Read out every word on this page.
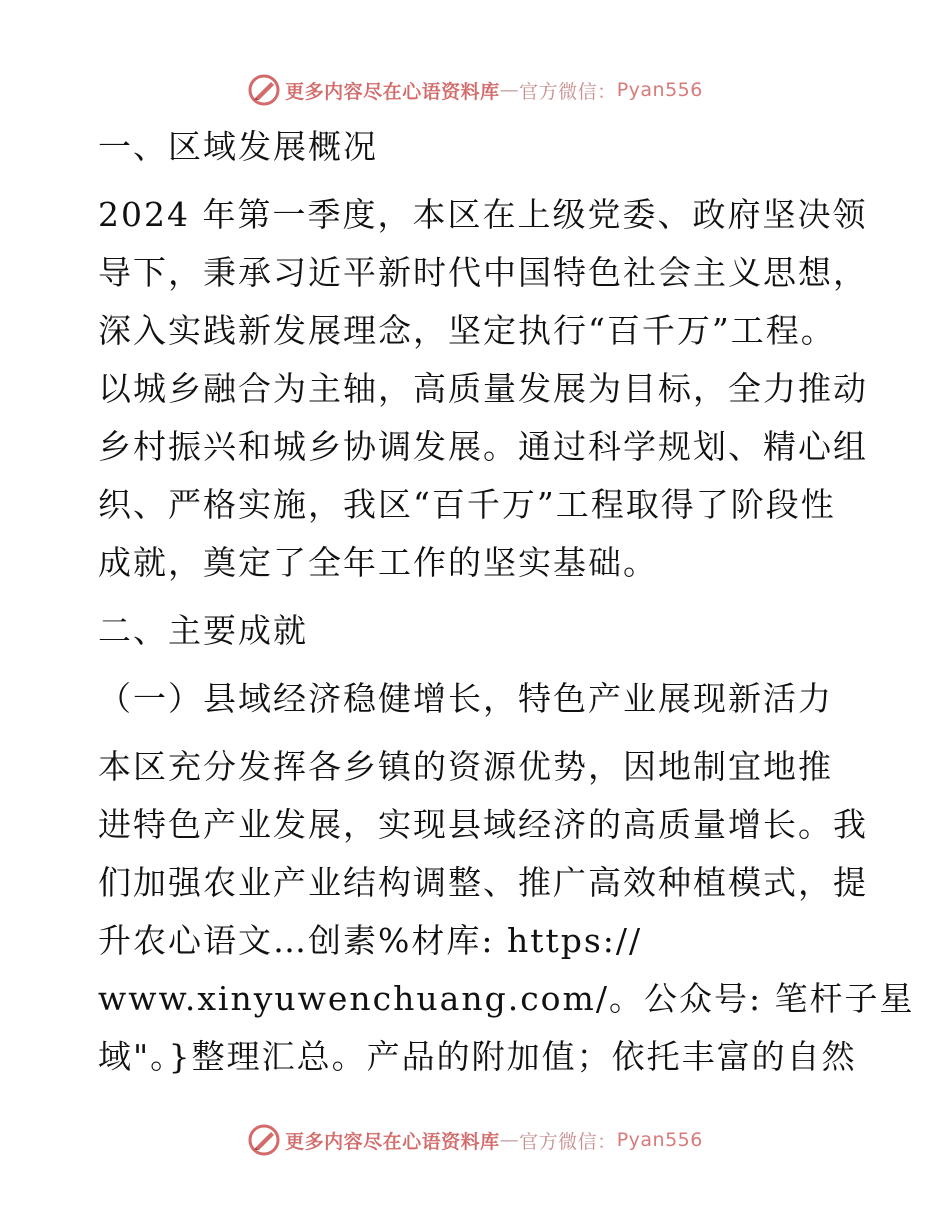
更多内容尽在心语资料库 — 官方微信： Pyan556
一、区域发展概况
2024 年第一季度，本区在上级党委、政府坚决领
导下，秉承习近平新时代中国特色社会主义思想，
深入实践新发展理念，坚定执行“百千万”工程。
以城乡融合为主轴，高质量发展为目标，全力推动
乡村振兴和城乡协调发展。通过科学规划、精心组
织、严格实施，我区“百千万”工程取得了阶段性
成就，奠定了全年工作的坚实基础。
二、主要成就
（一）县域经济稳健增长，特色产业展现新活力
本区充分发挥各乡镇的资源优势，因地制宜地推
进特色产业发展，实现县域经济的高质量增长。我
们加强农业产业结构调整、推广高效种植模式，提
升农心语文…创素%材库: https://
www.xinyuwenchuang.com/。公众号: 笔杆子星
域"。}整理汇总。产品的附加值；依托丰富的自然
更多内容尽在心语资料库 — 官方微信： Pyan556
